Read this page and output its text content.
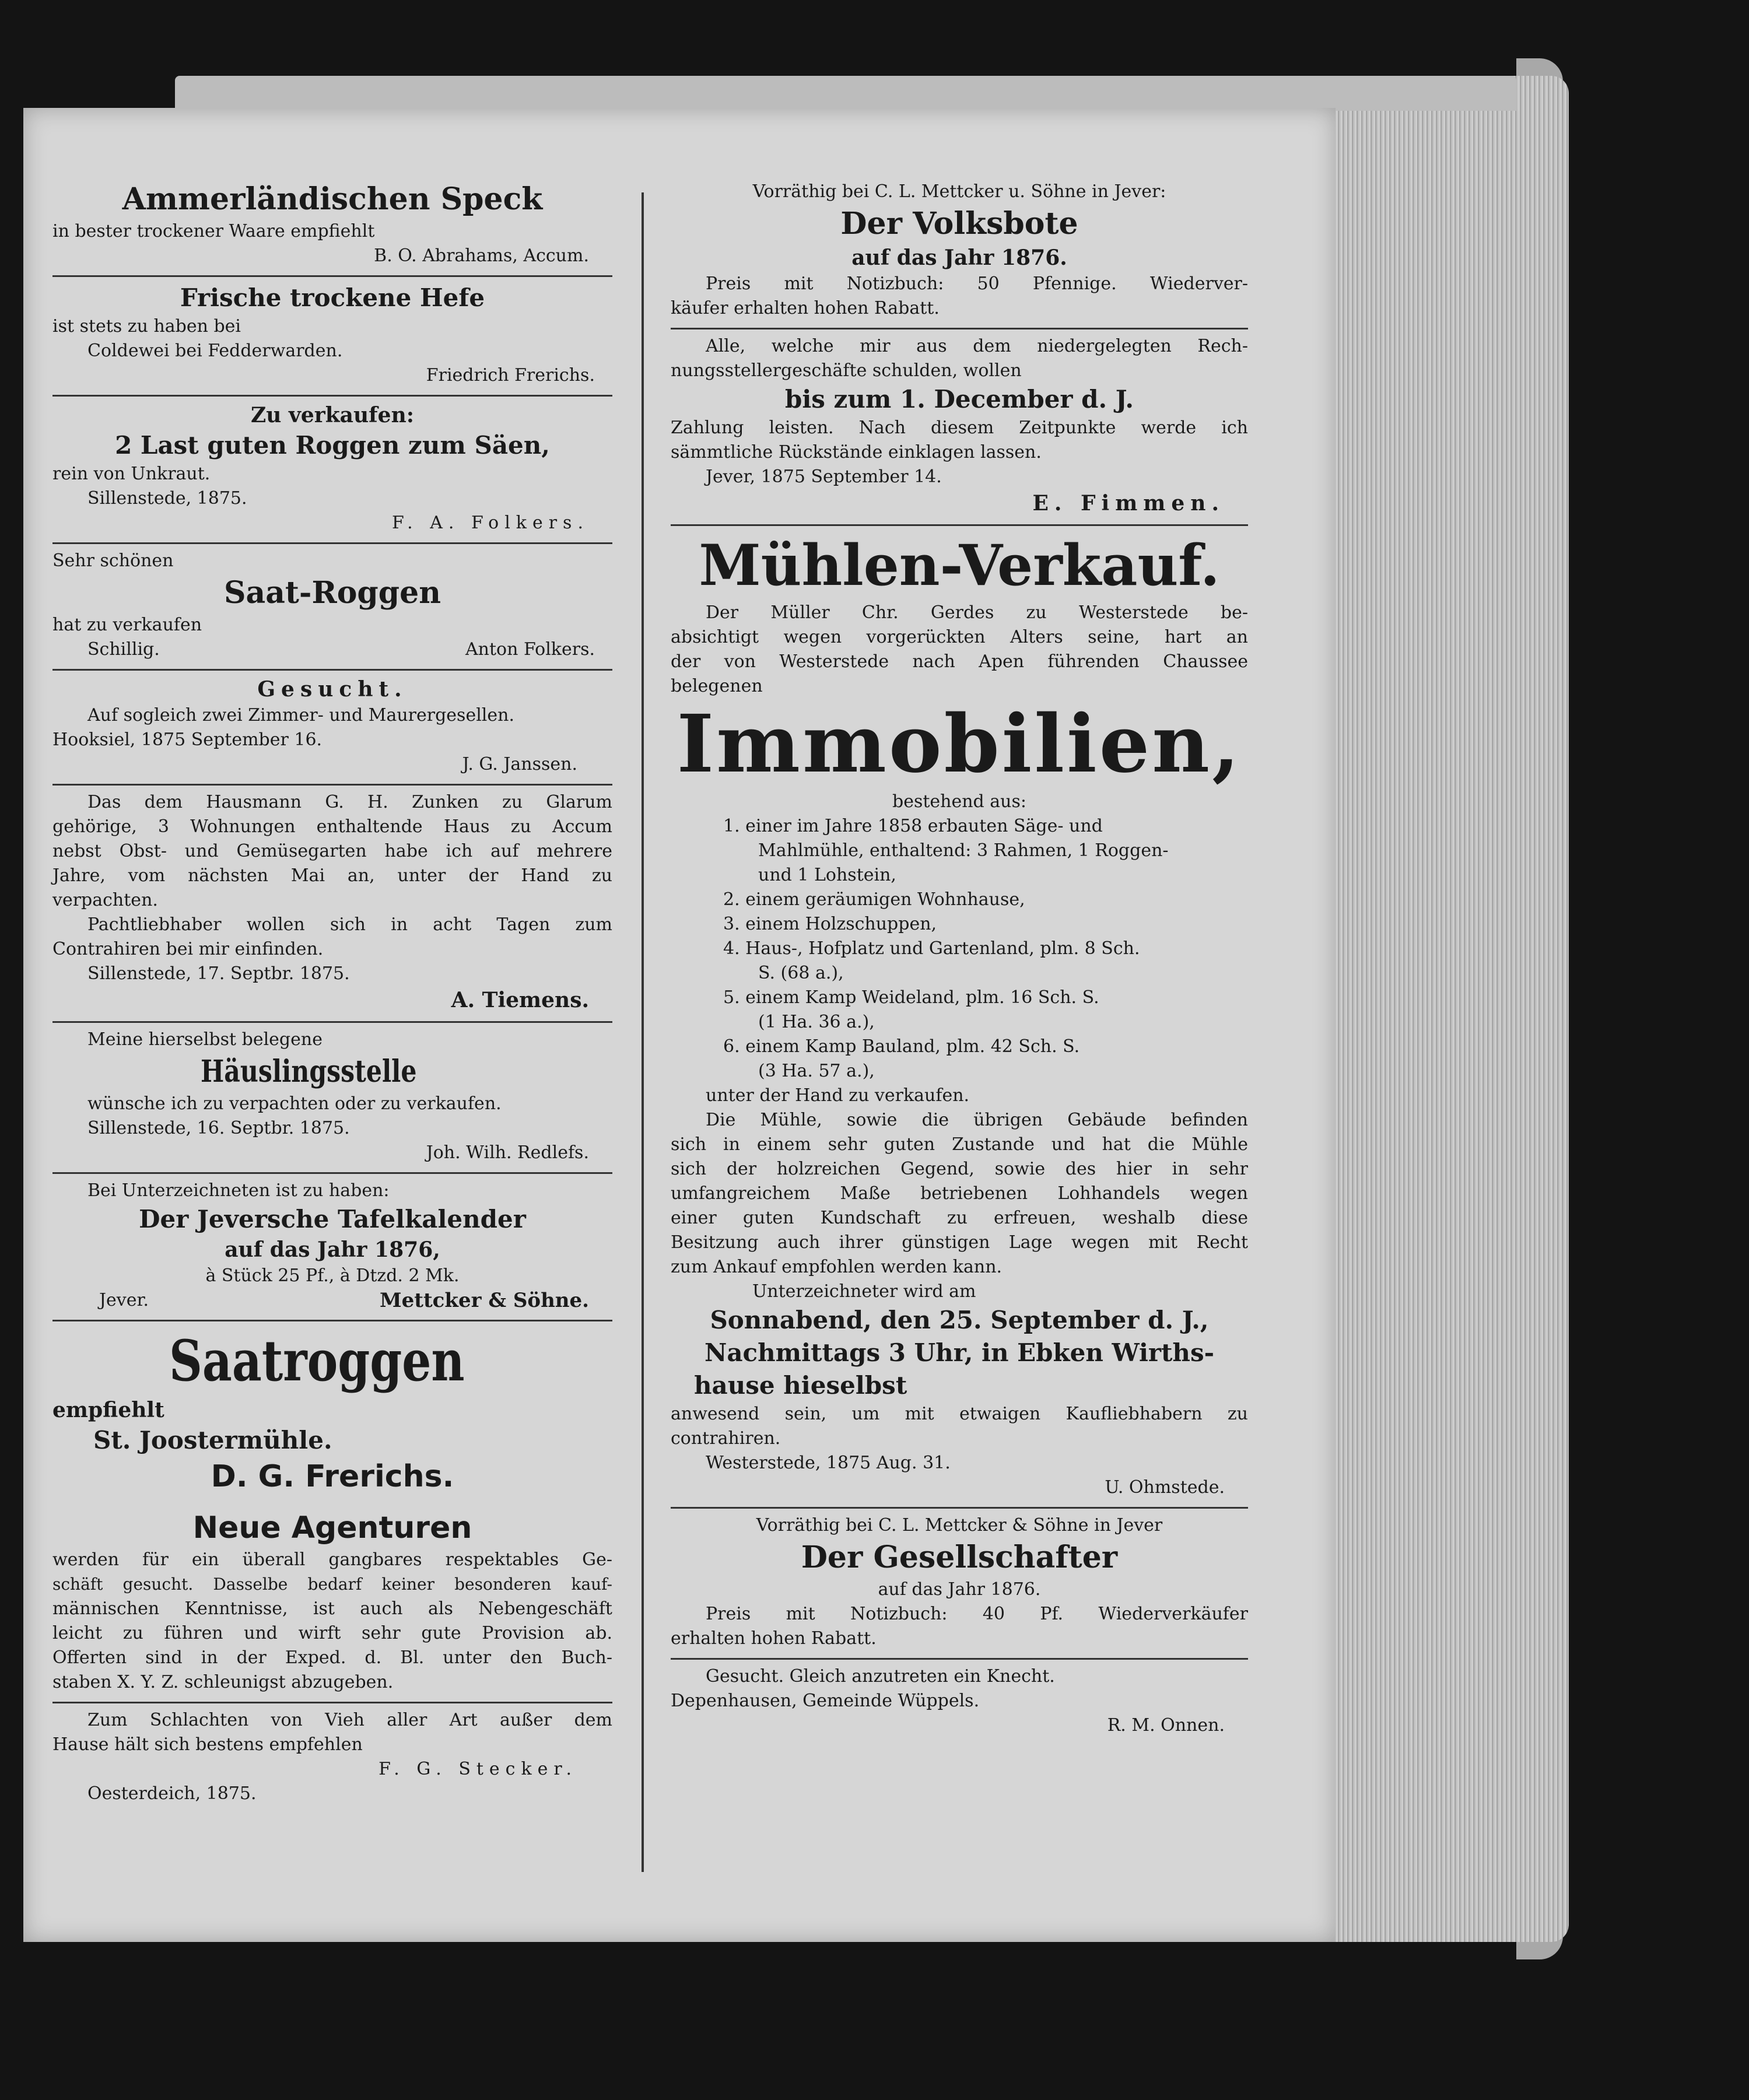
Ammerländischen Speck
in bester trockener Waare empfiehlt
B. O. Abrahams, Accum.
Frische trockene Hefe
ist stets zu haben bei
Coldewei bei Fedderwarden.
Friedrich Frerichs.
Zu verkaufen:
2 Last guten Roggen zum Säen,
rein von Unkraut.
Sillenstede, 1875.
F. A. Folkers.
Sehr schönen
Saat-Roggen
hat zu verkaufen
Schillig.	Anton Folkers.
Gesucht.
Auf sogleich zwei Zimmer- und Maurergesellen.
Hooksiel, 1875 September 16.
J. G. Janssen.
Das dem Hausmann G. H. Zunken zu Glarum
gehörige, 3 Wohnungen enthaltende Haus zu Accum
nebst Obst- und Gemüsegarten habe ich auf mehrere
Jahre, vom nächsten Mai an, unter der Hand zu
verpachten.
Pachtliebhaber wollen sich in acht Tagen zum
Contrahiren bei mir einfinden.
Sillenstede, 17. Septbr. 1875.
A. Tiemens.
Meine hierselbst belegene
Häuslingsstelle
wünsche ich zu verpachten oder zu verkaufen.
Sillenstede, 16. Septbr. 1875.
Joh. Wilh. Redlefs.
Bei Unterzeichneten ist zu haben:
Der Jeversche Tafelkalender
auf das Jahr 1876,
à Stück 25 Pf., à Dtzd. 2 Mk.
Jever.	Mettcker & Söhne.
Saatroggen
empfiehlt
St. Joostermühle.
D. G. Frerichs.
Neue Agenturen
werden für ein überall gangbares respektables Ge-
schäft gesucht. Dasselbe bedarf keiner besonderen kauf-
männischen Kenntnisse, ist auch als Nebengeschäft
leicht zu führen und wirft sehr gute Provision ab.
Offerten sind in der Exped. d. Bl. unter den Buch-
staben X. Y. Z. schleunigst abzugeben.
Zum Schlachten von Vieh aller Art außer dem
Hause hält sich bestens empfehlen
F. G. Stecker.
Oesterdeich, 1875.
Vorräthig bei C. L. Mettcker u. Söhne in Jever:
Der Volksbote
auf das Jahr 1876.
Preis mit Notizbuch: 50 Pfennige. Wiederver-
käufer erhalten hohen Rabatt.
Alle, welche mir aus dem niedergelegten Rech-
nungsstellergeschäfte schulden, wollen
bis zum 1. December d. J.
Zahlung leisten. Nach diesem Zeitpunkte werde ich
sämmtliche Rückstände einklagen lassen.
Jever, 1875 September 14.
E. Fimmen.
Mühlen-Verkauf.
Der Müller Chr. Gerdes zu Westerstede be-
absichtigt wegen vorgerückten Alters seine, hart an
der von Westerstede nach Apen führenden Chaussee
belegenen
Immobilien,
bestehend aus:
1. einer im Jahre 1858 erbauten Säge- und
Mahlmühle, enthaltend: 3 Rahmen, 1 Roggen-
und 1 Lohstein,
2. einem geräumigen Wohnhause,
3. einem Holzschuppen,
4. Haus-, Hofplatz und Gartenland, plm. 8 Sch.
S. (68 a.),
5. einem Kamp Weideland, plm. 16 Sch. S.
(1 Ha. 36 a.),
6. einem Kamp Bauland, plm. 42 Sch. S.
(3 Ha. 57 a.),
unter der Hand zu verkaufen.
Die Mühle, sowie die übrigen Gebäude befinden
sich in einem sehr guten Zustande und hat die Mühle
sich der holzreichen Gegend, sowie des hier in sehr
umfangreichem Maße betriebenen Lohhandels wegen
einer guten Kundschaft zu erfreuen, weshalb diese
Besitzung auch ihrer günstigen Lage wegen mit Recht
zum Ankauf empfohlen werden kann.
Unterzeichneter wird am
Sonnabend, den 25. September d. J.,
Nachmittags 3 Uhr, in Ebken Wirths-
hause hieselbst
anwesend sein, um mit etwaigen Kaufliebhabern zu
contrahiren.
Westerstede, 1875 Aug. 31.
U. Ohmstede.
Vorräthig bei C. L. Mettcker & Söhne in Jever
Der Gesellschafter
auf das Jahr 1876.
Preis mit Notizbuch: 40 Pf. Wiederverkäufer
erhalten hohen Rabatt.
Gesucht. Gleich anzutreten ein Knecht.
Depenhausen, Gemeinde Wüppels.
R. M. Onnen.
